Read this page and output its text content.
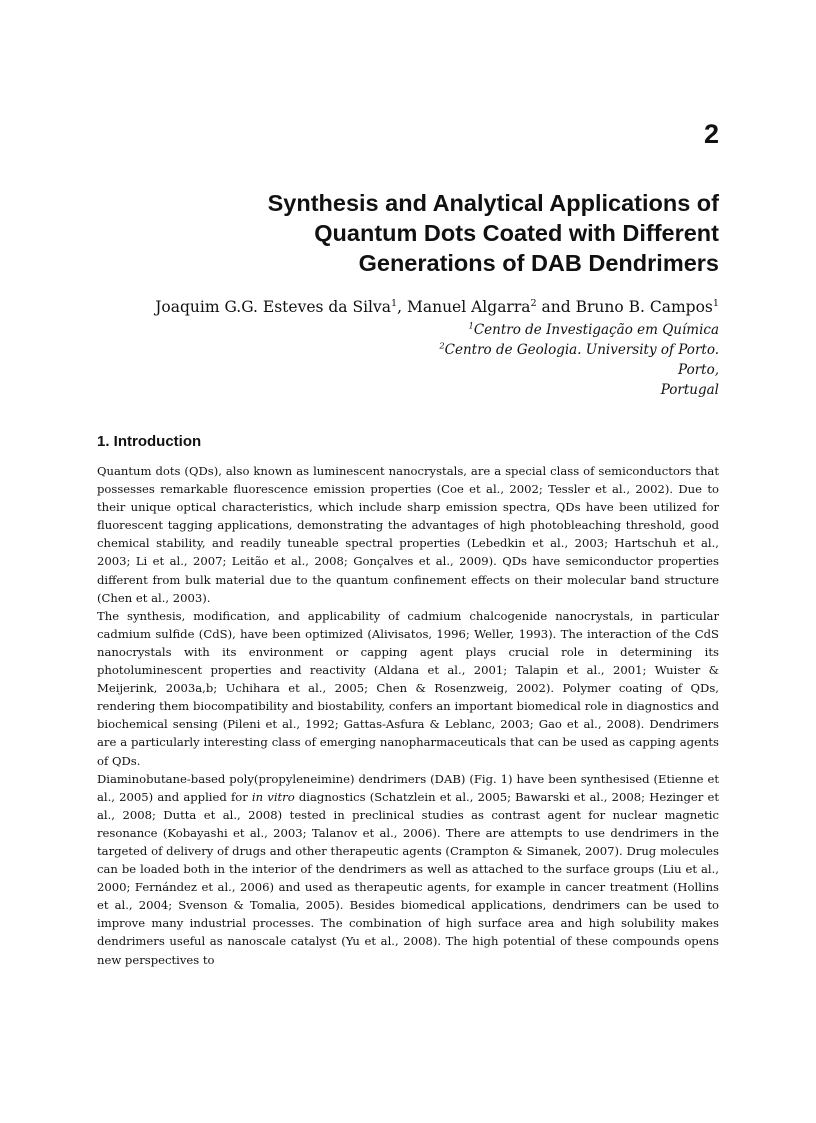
2
Synthesis and Analytical Applications of
Quantum Dots Coated with Different
Generations of DAB Dendrimers
Joaquim G.G. Esteves da Silva$^1$, Manuel Algarra$^2$ and Bruno B. Campos$^1$
$^1$Centro de Investigação em Química
$^2$Centro de Geologia. University of Porto.
Porto,
Portugal
1. Introduction

Quantum dots (QDs), also known as luminescent nanocrystals, are a special class of semiconductors that possesses remarkable fluorescence emission properties (Coe et al., 2002; Tessler et al., 2002). Due to their unique optical characteristics, which include sharp emission spectra, QDs have been utilized for fluorescent tagging applications, demonstrating the advantages of high photobleaching threshold, good chemical stability, and readily tuneable spectral properties (Lebedkin et al., 2003; Hartschuh et al., 2003; Li et al., 2007; Leitão et al., 2008; Gonçalves et al., 2009). QDs have semiconductor properties different from bulk material due to the quantum confinement effects on their molecular band structure (Chen et al., 2003).

The synthesis, modification, and applicability of cadmium chalcogenide nanocrystals, in particular cadmium sulfide (CdS), have been optimized (Alivisatos, 1996; Weller, 1993). The interaction of the CdS nanocrystals with its environment or capping agent plays crucial role in determining its photoluminescent properties and reactivity (Aldana et al., 2001; Talapin et al., 2001; Wuister & Meijerink, 2003a,b; Uchihara et al., 2005; Chen & Rosenzweig, 2002). Polymer coating of QDs, rendering them biocompatibility and biostability, confers an important biomedical role in diagnostics and biochemical sensing (Pileni et al., 1992; Gattas-Asfura & Leblanc, 2003; Gao et al., 2008). Dendrimers are a particularly interesting class of emerging nanopharmaceuticals that can be used as capping agents of QDs.

Diaminobutane-based poly(propyleneimine) dendrimers (DAB) (Fig. 1) have been synthesised (Etienne et al., 2005) and applied for in vitro diagnostics (Schatzlein et al., 2005; Bawarski et al., 2008; Hezinger et al., 2008; Dutta et al., 2008) tested in preclinical studies as contrast agent for nuclear magnetic resonance (Kobayashi et al., 2003; Talanov et al., 2006). There are attempts to use dendrimers in the targeted of delivery of drugs and other therapeutic agents (Crampton & Simanek, 2007). Drug molecules can be loaded both in the interior of the dendrimers as well as attached to the surface groups (Liu et al., 2000; Fernández et al., 2006) and used as therapeutic agents, for example in cancer treatment (Hollins et al., 2004; Svenson & Tomalia, 2005). Besides biomedical applications, dendrimers can be used to improve many industrial processes. The combination of high surface area and high solubility makes dendrimers useful as nanoscale catalyst (Yu et al., 2008). The high potential of these compounds opens new perspectives to
